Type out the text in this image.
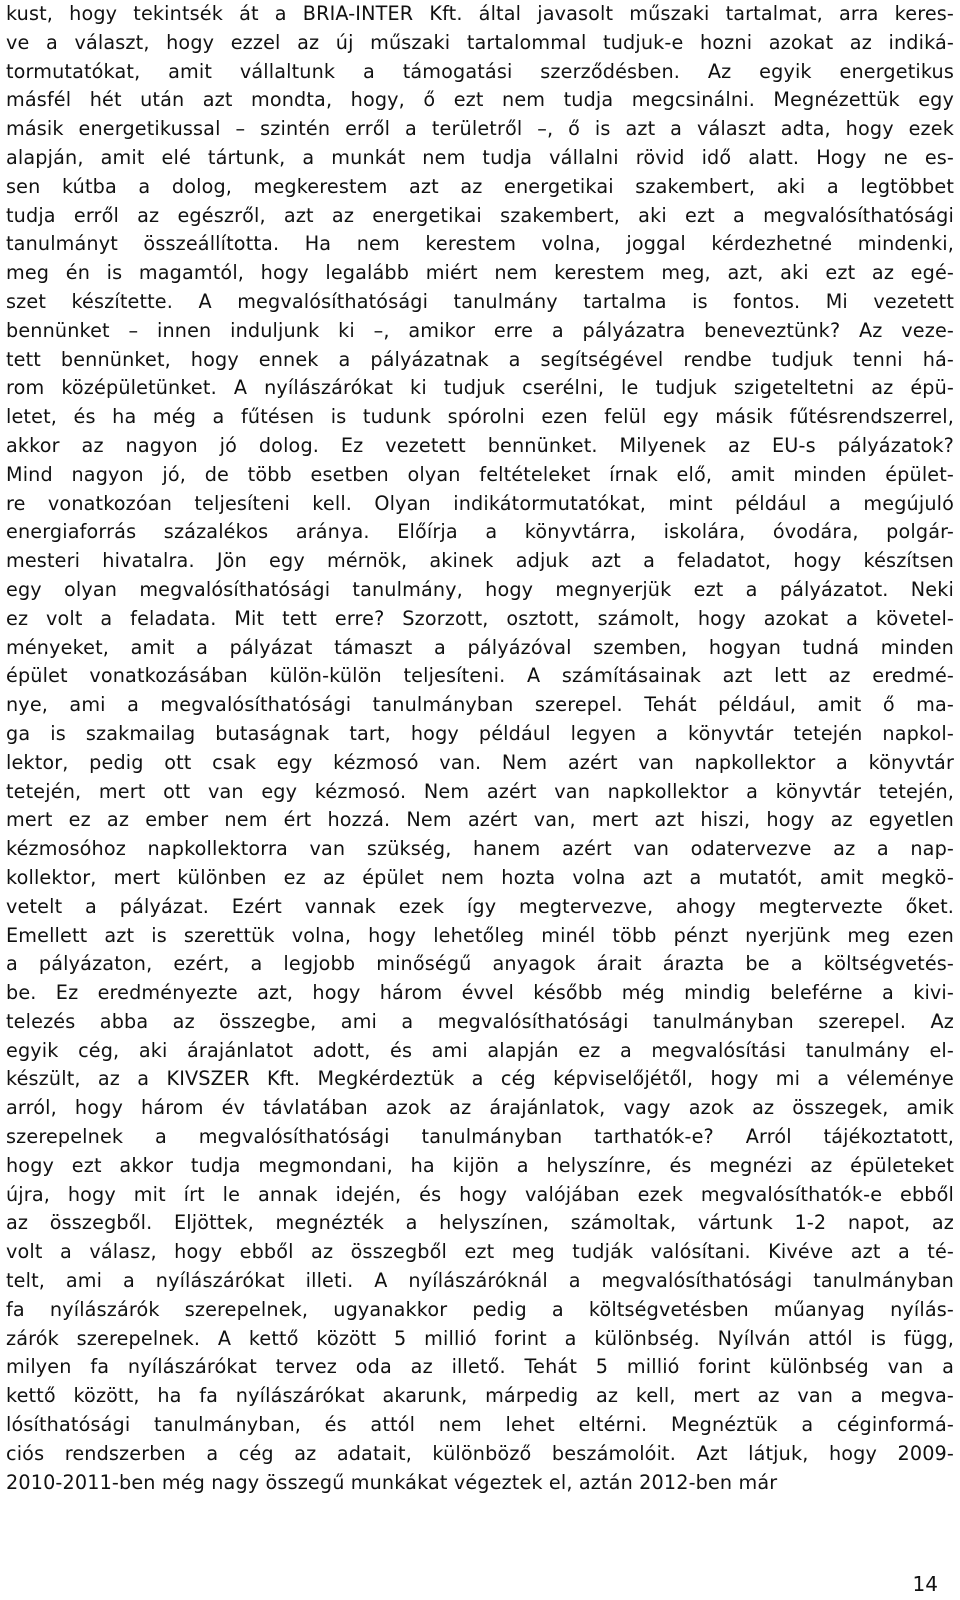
kust, hogy tekintsék át a BRIA-INTER Kft. által javasolt műszaki tartalmat, arra keres-
ve a választ, hogy ezzel az új műszaki tartalommal tudjuk-e hozni azokat az indiká-
tormutatókat, amit vállaltunk a támogatási szerződésben. Az egyik energetikus
másfél hét után azt mondta, hogy, ő ezt nem tudja megcsinálni. Megnézettük egy
másik energetikussal – szintén erről a területről –, ő is azt a választ adta, hogy ezek
alapján, amit elé tártunk, a munkát nem tudja vállalni rövid idő alatt. Hogy ne es-
sen kútba a dolog, megkerestem azt az energetikai szakembert, aki a legtöbbet
tudja erről az egészről, azt az energetikai szakembert, aki ezt a megvalósíthatósági
tanulmányt összeállította. Ha nem kerestem volna, joggal kérdezhetné mindenki,
meg én is magamtól, hogy legalább miért nem kerestem meg, azt, aki ezt az egé-
szet készítette. A megvalósíthatósági tanulmány tartalma is fontos. Mi vezetett
bennünket – innen induljunk ki –, amikor erre a pályázatra beneveztünk? Az veze-
tett bennünket, hogy ennek a pályázatnak a segítségével rendbe tudjuk tenni há-
rom középületünket. A nyílászárókat ki tudjuk cserélni, le tudjuk szigeteltetni az épü-
letet, és ha még a fűtésen is tudunk spórolni ezen felül egy másik fűtésrendszerrel,
akkor az nagyon jó dolog. Ez vezetett bennünket. Milyenek az EU-s pályázatok?
Mind nagyon jó, de több esetben olyan feltételeket írnak elő, amit minden épület-
re vonatkozóan teljesíteni kell. Olyan indikátormutatókat, mint például a megújuló
energiaforrás százalékos aránya. Előírja a könyvtárra, iskolára, óvodára, polgár-
mesteri hivatalra. Jön egy mérnök, akinek adjuk azt a feladatot, hogy készítsen
egy olyan megvalósíthatósági tanulmány, hogy megnyerjük ezt a pályázatot. Neki
ez volt a feladata. Mit tett erre? Szorzott, osztott, számolt, hogy azokat a követel-
ményeket, amit a pályázat támaszt a pályázóval szemben, hogyan tudná minden
épület vonatkozásában külön-külön teljesíteni. A számításainak azt lett az eredmé-
nye, ami a megvalósíthatósági tanulmányban szerepel. Tehát például, amit ő ma-
ga is szakmailag butaságnak tart, hogy például legyen a könyvtár tetején napkol-
lektor, pedig ott csak egy kézmosó van. Nem azért van napkollektor a könyvtár
tetején, mert ott van egy kézmosó. Nem azért van napkollektor a könyvtár tetején,
mert ez az ember nem ért hozzá. Nem azért van, mert azt hiszi, hogy az egyetlen
kézmosóhoz napkollektorra van szükség, hanem azért van odatervezve az a nap-
kollektor, mert különben ez az épület nem hozta volna azt a mutatót, amit megkö-
vetelt a pályázat. Ezért vannak ezek így megtervezve, ahogy megtervezte őket.
Emellett azt is szerettük volna, hogy lehetőleg minél több pénzt nyerjünk meg ezen
a pályázaton, ezért, a legjobb minőségű anyagok árait árazta be a költségvetés-
be. Ez eredményezte azt, hogy három évvel később még mindig beleférne a kivi-
telezés abba az összegbe, ami a megvalósíthatósági tanulmányban szerepel. Az
egyik cég, aki árajánlatot adott, és ami alapján ez a megvalósítási tanulmány el-
készült, az a KIVSZER Kft. Megkérdeztük a cég képviselőjétől, hogy mi a véleménye
arról, hogy három év távlatában azok az árajánlatok, vagy azok az összegek, amik
szerepelnek a megvalósíthatósági tanulmányban tarthatók-e? Arról tájékoztatott,
hogy ezt akkor tudja megmondani, ha kijön a helyszínre, és megnézi az épületeket
újra, hogy mit írt le annak idején, és hogy valójában ezek megvalósíthatók-e ebből
az összegből. Eljöttek, megnézték a helyszínen, számoltak, vártunk 1-2 napot, az
volt a válasz, hogy ebből az összegből ezt meg tudják valósítani. Kivéve azt a té-
telt, ami a nyílászárókat illeti. A nyílászáróknál a megvalósíthatósági tanulmányban
fa nyílászárók szerepelnek, ugyanakkor pedig a költségvetésben műanyag nyílás-
zárók szerepelnek. A kettő között 5 millió forint a különbség. Nyílván attól is függ,
milyen fa nyílászárókat tervez oda az illető. Tehát 5 millió forint különbség van a
kettő között, ha fa nyílászárókat akarunk, márpedig az kell, mert az van a megva-
lósíthatósági tanulmányban, és attól nem lehet eltérni. Megnéztük a céginformá-
ciós rendszerben a cég az adatait, különböző beszámolóit. Azt látjuk, hogy 2009-
2010-2011-ben még nagy összegű munkákat végeztek el, aztán 2012-ben már
14
